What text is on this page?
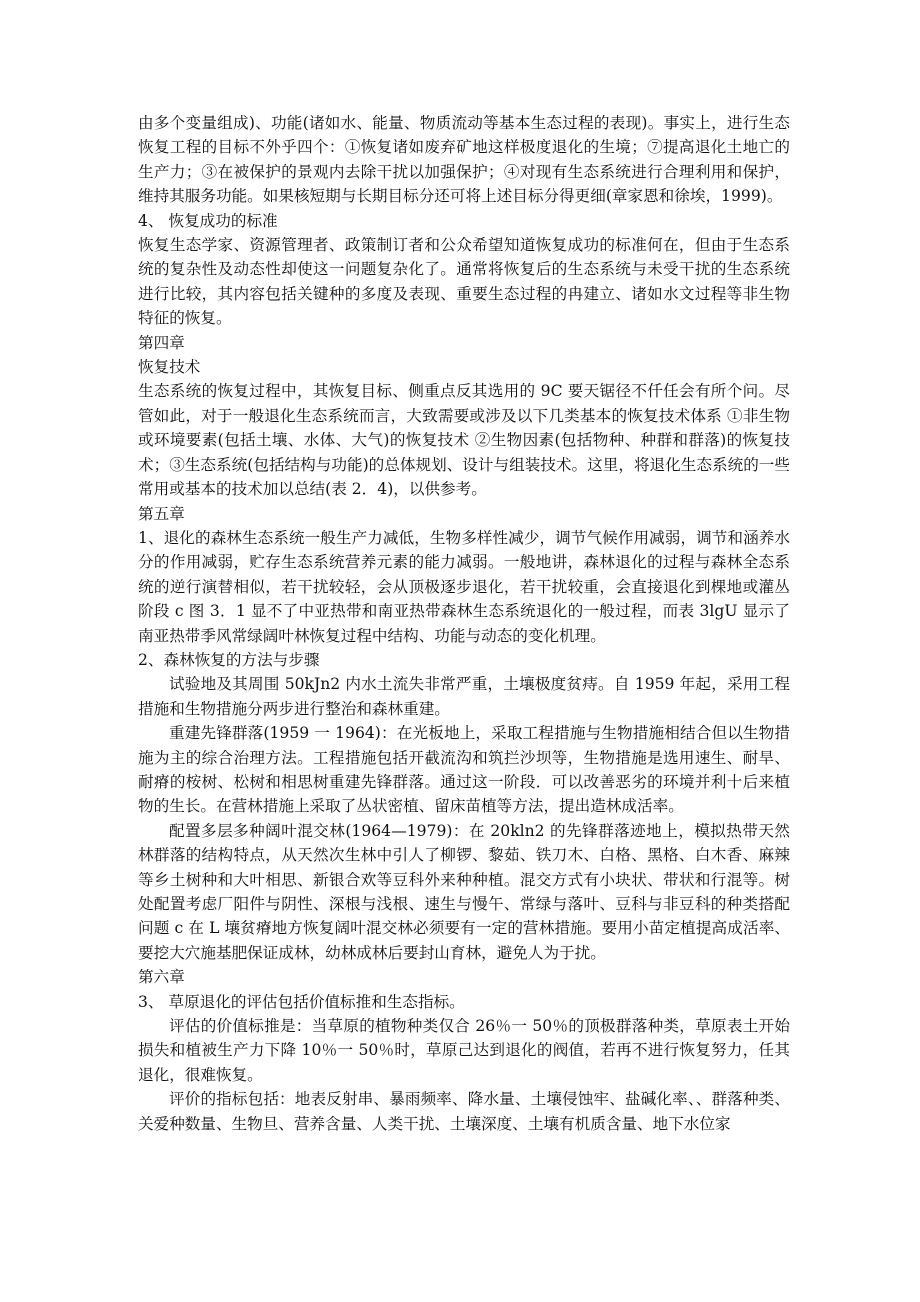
由多个变量组成)、功能(诸如水、能量、物质流动等基本生态过程的表现)。事实上，进行生态恢复工程的目标不外乎四个：①恢复诸如废弃矿地这样极度退化的生境；⑦提高退化土地亡的生产力；③在被保护的景观内去除干扰以加强保护；④对现有生态系统进行合理利用和保护，维持其服务功能。如果核短期与长期目标分还可将上述目标分得更细(章家恩和徐埃，1999)。

4、 恢复成功的标准

恢复生态学家、资源管理者、政策制订者和公众希望知道恢复成功的标准何在，但由于生态系统的复杂性及动态性却使这一问题复杂化了。通常将恢复后的生态系统与未受干扰的生态系统进行比较，其内容包括关键种的多度及表现、重要生态过程的冉建立、诸如水文过程等非生物特征的恢复。

第四章

恢复技术

生态系统的恢复过程中，其恢复目标、侧重点反其选用的 9C 要天锯径不仟任会有所个问。尽管如此，对于一般退化生态系统而言，大致需要或涉及以下几类基本的恢复技术体系 ①非生物或环境要素(包括土壤、水体、大气)的恢复技术 ②生物因素(包括物种、种群和群落)的恢复技术；③生态系统(包括结构与功能)的总体规划、设计与组装技术。这里，将退化生态系统的一些常用或基本的技术加以总结(表 2．4)，以供参考。

第五章

1、退化的森林生态系统一般生产力减低，生物多样性减少，调节气候作用减弱，调节和涵养水分的作用减弱，贮存生态系统营养元素的能力减弱。一般地讲，森林退化的过程与森林全态系统的逆行演替相似，若干扰较轻，会从顶极逐步退化，若干扰较重，会直接退化到棵地或灌丛阶段 c 图 3．1 显不了中亚热带和南亚热带森林生态系统退化的一般过程，而表 3lgU 显示了南亚热带季风常绿阔叶林恢复过程中结构、功能与动态的变化机理。

2、森林恢复的方法与步骤

试验地及其周围 50kJn2 内水土流失非常严重，土壤极度贫痔。自 1959 年起，采用工程措施和生物措施分两步进行整治和森林重建。

重建先锋群落(1959 一 1964)：在光板地上，采取工程措施与生物措施相结合但以生物措施为主的综合治理方法。工程措施包括开截流沟和筑拦沙坝等，生物措施是选用速生、耐旱、耐瘠的桉树、松树和相思树重建先锋群落。通过这一阶段．可以改善恶劣的环境并利十后来植物的生长。在营林措施上采取了丛状密植、留床苗植等方法，提出造林成活率。

配置多层多种阔叶混交林(1964—1979)：在 20kln2 的先锋群落迹地上，模拟热带天然林群落的结构特点，从天然次生林中引人了柳锣、黎茹、铁刀木、白格、黑格、白木香、麻辣等乡土树种和大叶相思、新银合欢等豆科外来种种植。混交方式有小块状、带状和行混等。树处配置考虑厂阳件与阴性、深根与浅根、速生与慢午、常绿与落叶、豆科与非豆科的种类搭配问题 c 在 L 壤贫瘠地方恢复阔叶混交林必须要有一定的营林措施。要用小苗定植提高成活率、要挖大穴施基肥保证成林，幼林成林后要封山育林，避免人为于扰。

第六章

3、 草原退化的评估包括价值标推和生态指标。

评估的价值标推是：当草原的植物种类仅合 26％一 50％的顶极群落种类，草原表土开始损失和植被生产力下降 10％一 50％时，草原己达到退化的阀值，若再不进行恢复努力，任其退化，很难恢复。

评价的指标包括：地表反射串、暴雨频率、降水量、土壤侵蚀牢、盐碱化率、、群落种类、关爱种数量、生物旦、营养含量、人类干扰、土壤深度、土壤有机质含量、地下水位家
